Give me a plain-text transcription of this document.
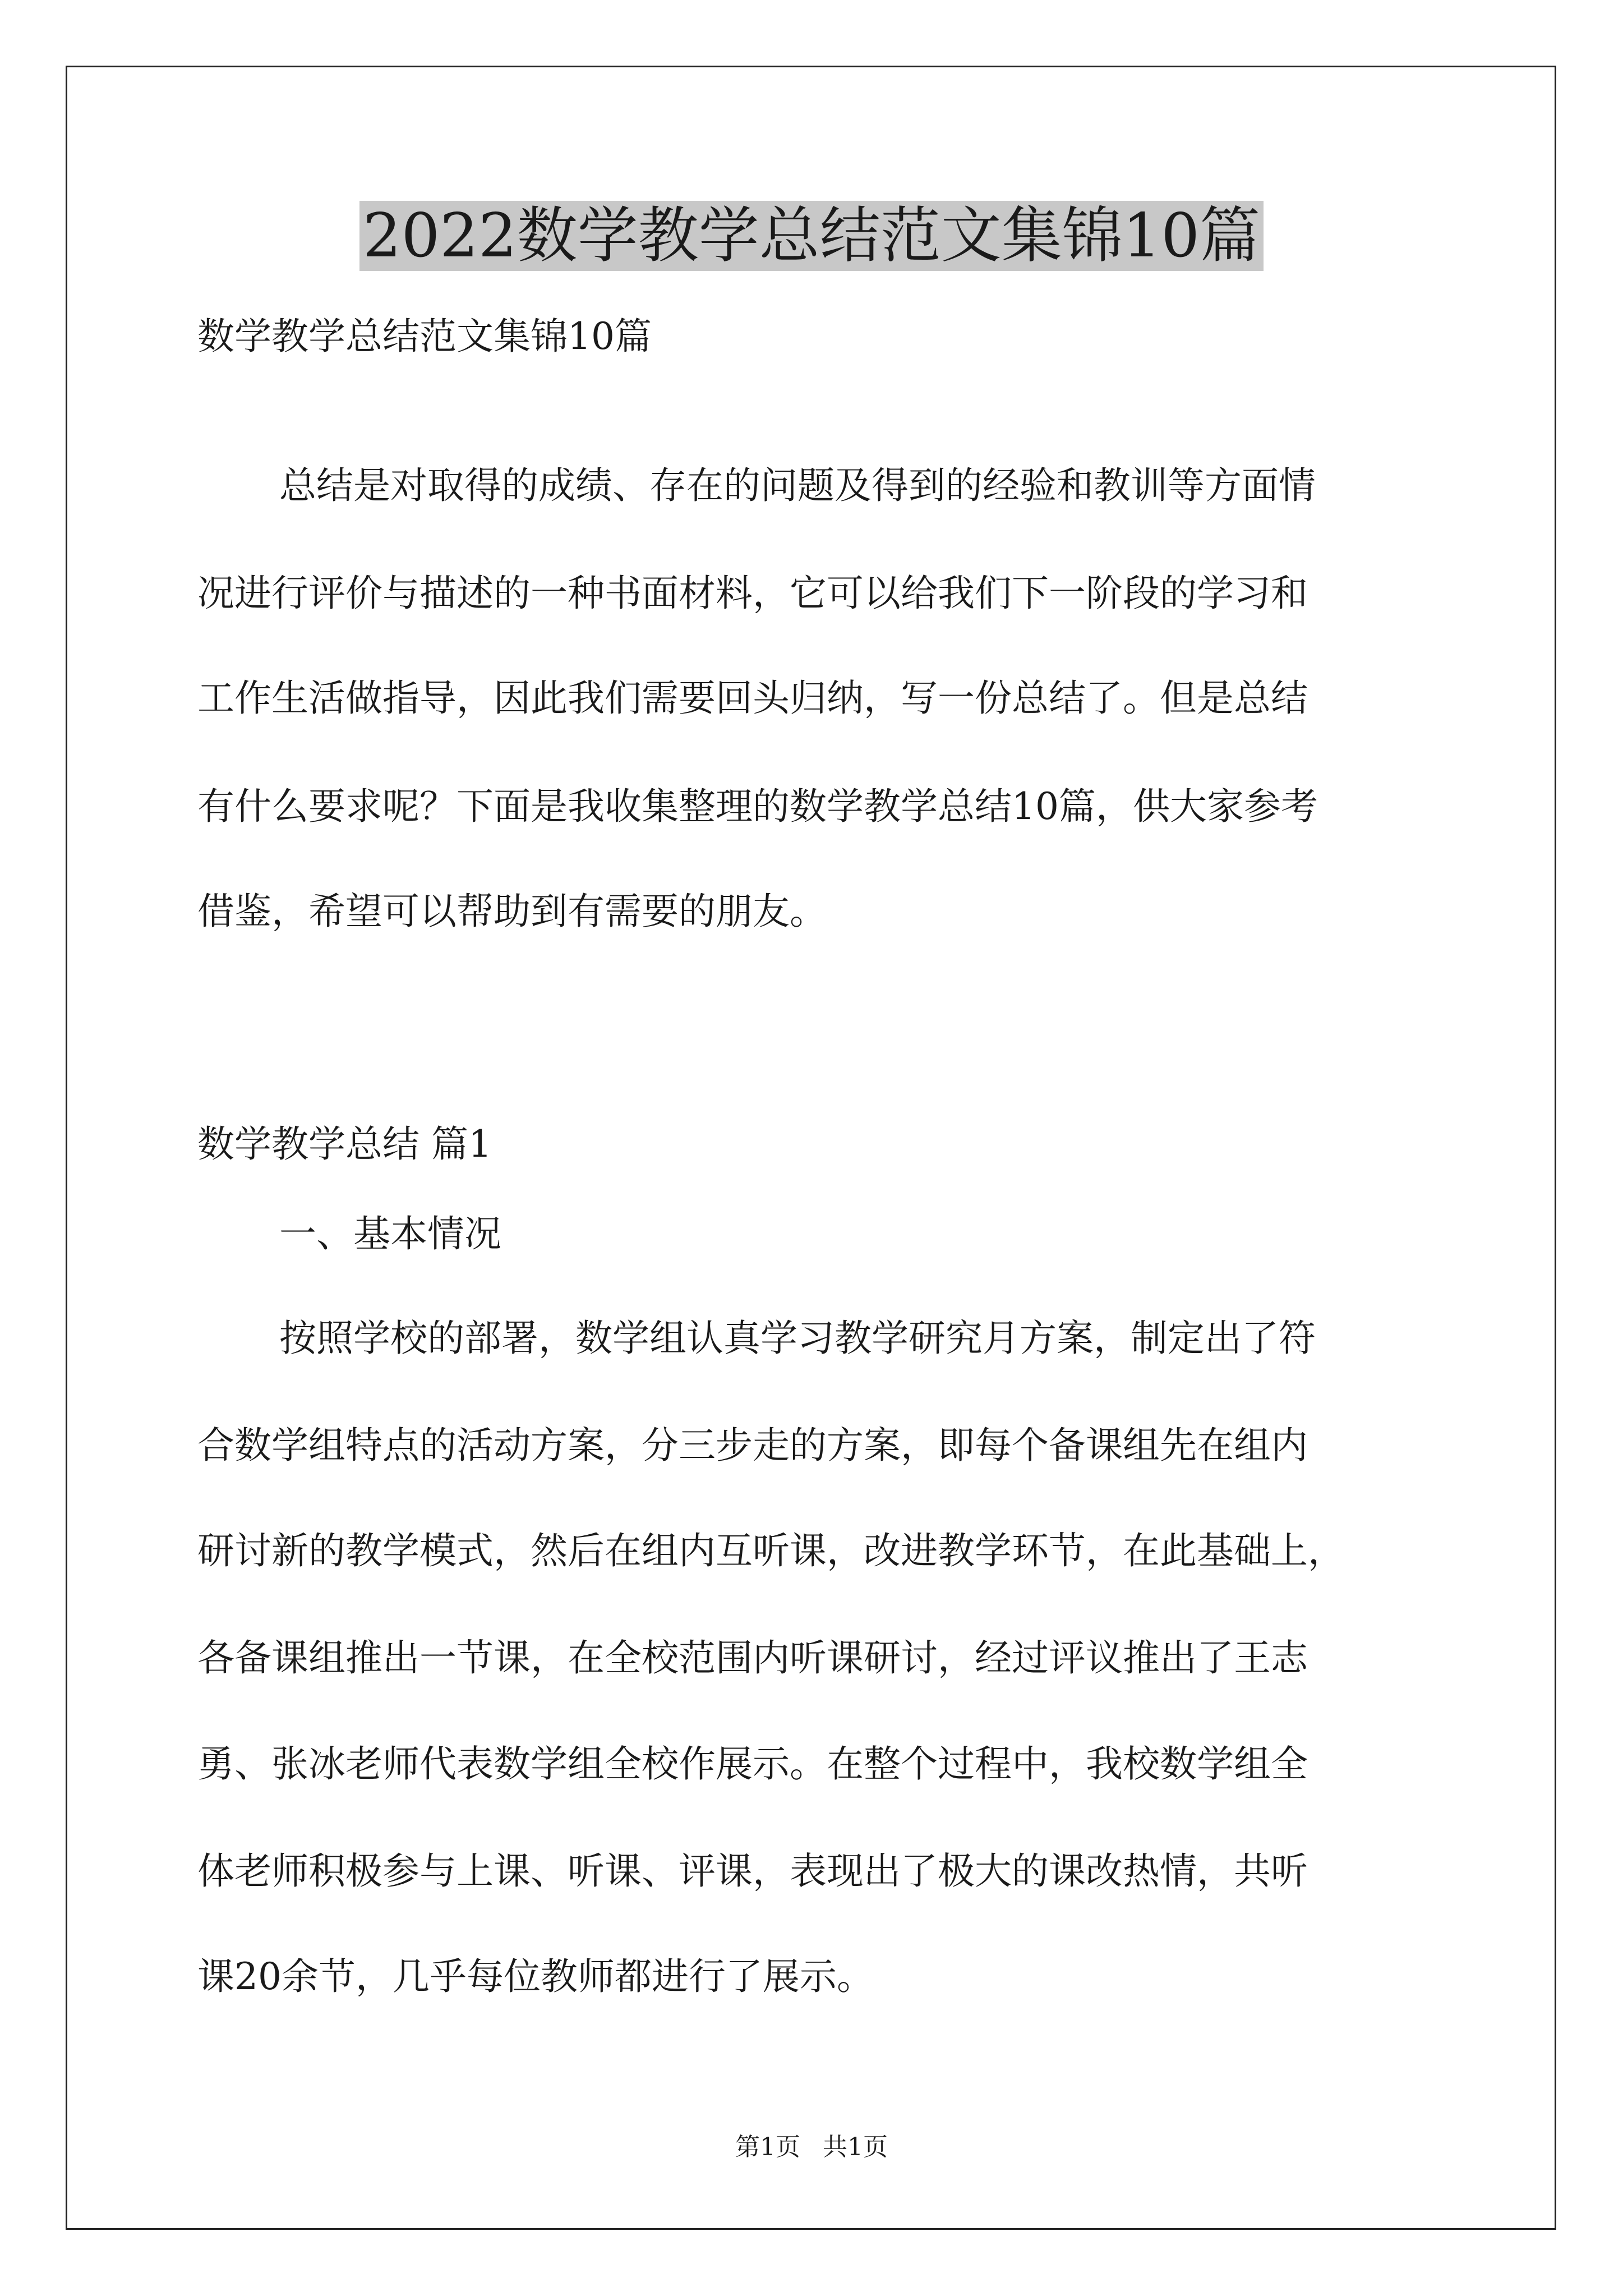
2022数学教学总结范文集锦10篇
数学教学总结范文集锦10篇
总结是对取得的成绩、存在的问题及得到的经验和教训等方面情
况进行评价与描述的一种书面材料，它可以给我们下一阶段的学习和
工作生活做指导，因此我们需要回头归纳，写一份总结了。但是总结
有什么要求呢？下面是我收集整理的数学教学总结10篇，供大家参考
借鉴，希望可以帮助到有需要的朋友。
数学教学总结 篇1
一、基本情况
按照学校的部署，数学组认真学习教学研究月方案，制定出了符
合数学组特点的活动方案，分三步走的方案，即每个备课组先在组内
研讨新的教学模式，然后在组内互听课，改进教学环节，在此基础上，
各备课组推出一节课，在全校范围内听课研讨，经过评议推出了王志
勇、张冰老师代表数学组全校作展示。在整个过程中，我校数学组全
体老师积极参与上课、听课、评课，表现出了极大的课改热情，共听
课20余节，几乎每位教师都进行了展示。
第1页 共1页
